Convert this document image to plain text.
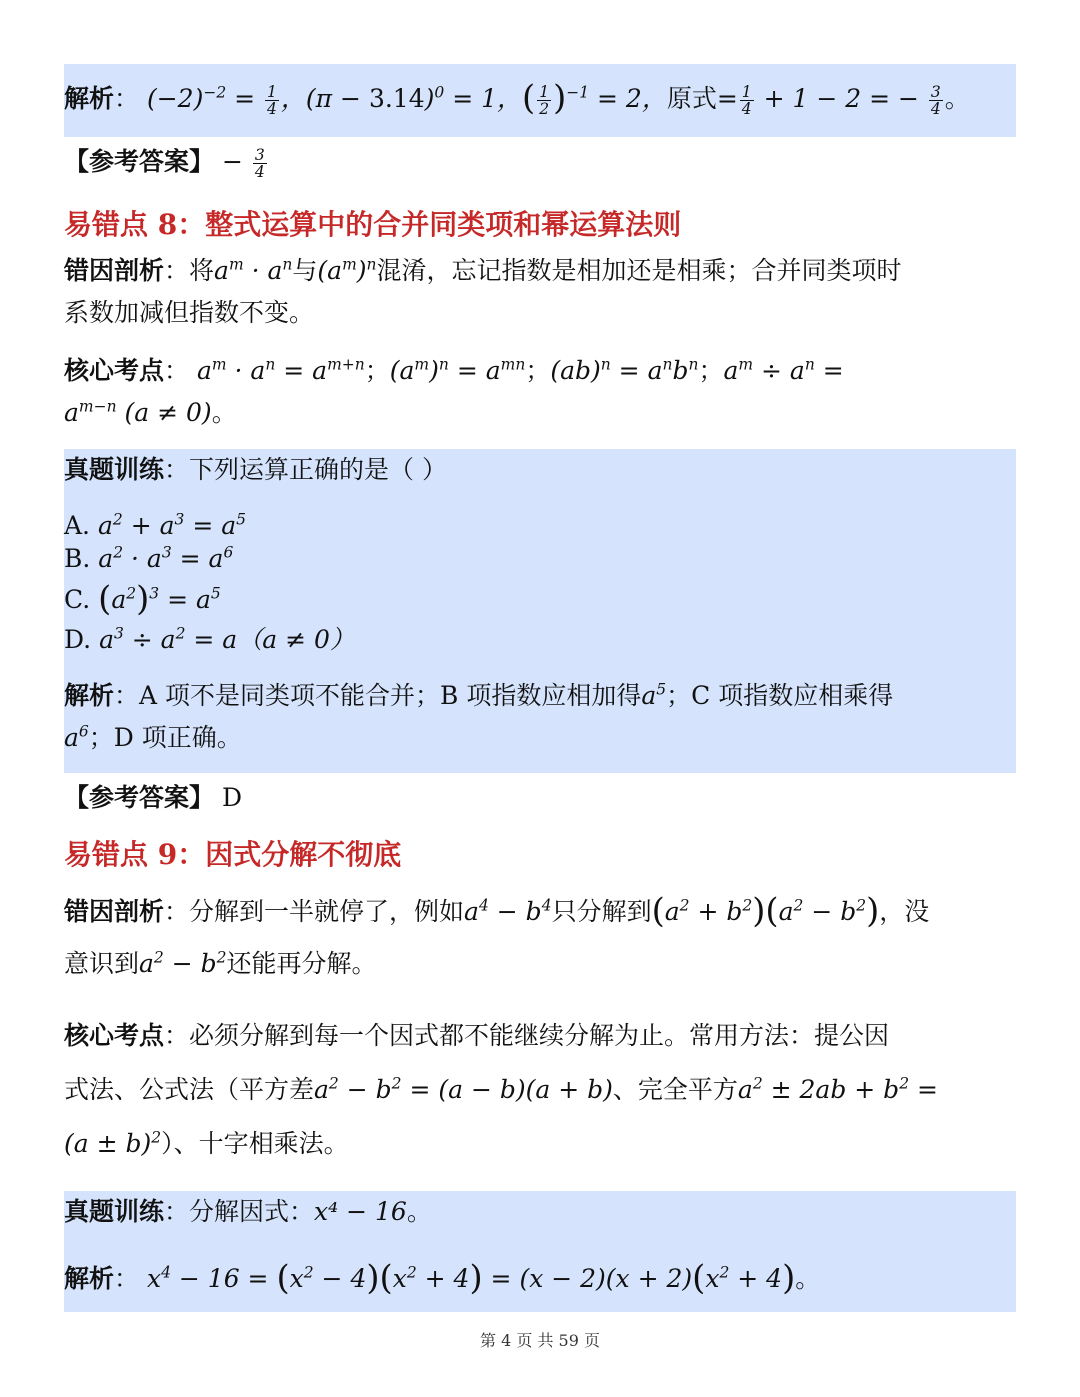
解析： $(-2)^{-2} = \frac{1}{4}$ ，$(\pi - 3.14)^0 = 1$，( $\frac{1}{2} )^{-1} = 2$，原式= $\frac{1}{4} + 1 - 2$ = − $\frac{3}{4}$ 。
【参考答案】 − $\frac{3}{4}$
易错点 8：整式运算中的合并同类项和幂运算法则
错因剖析：将$a^m \cdot a^n$与$(a^m)^n$混淆，忘记指数是相加还是相乘；合并同类项时
系数加减但指数不变。
核心考点： $a^m \cdot a^n = a^{m+n}$；$(a^m)^n = a^{mn}$；$(ab)^n = a^nb^n$；$a^m \div a^n$ =
$a^{m-n}$ (a ≠ 0)。
真题训练：下列运算正确的是（ ）
A. $a^2 + a^3 = a^5$
B. $a^2 \cdot a^3 = a^6$
C. $(a^2)^3 = a^5$
D. $a^3 \div a^2 = a(a \ne 0)$
解析：A 项不是同类项不能合并；B 项指数应相加得$a^5$；C 项指数应相乘得
$a^6$；D 项正确。
【参考答案】 D
易错点 9：因式分解不彻底
错因剖析：分解到一半就停了，例如$a^4 - b^4$只分解到$(a^2 + b^2)(a^2 - b^2)$，没
意识到$a^2 - b^2$还能再分解。
核心考点：必须分解到每一个因式都不能继续分解为止。常用方法：提公因
式法、公式法（平方差$a^2 - b^2 = (a - b)(a + b)$、完全平方$a^2 \pm 2ab + b^2$ =
$(a \pm b)^2$）、十字相乘法。
真题训练：分解因式：x⁴ − 16。
解析： $x^4 - 16 = (x^2 - 4)(x^2 + 4) = (x - 2)(x + 2)(x^2 + 4)$。
第 4 页 共 59 页
